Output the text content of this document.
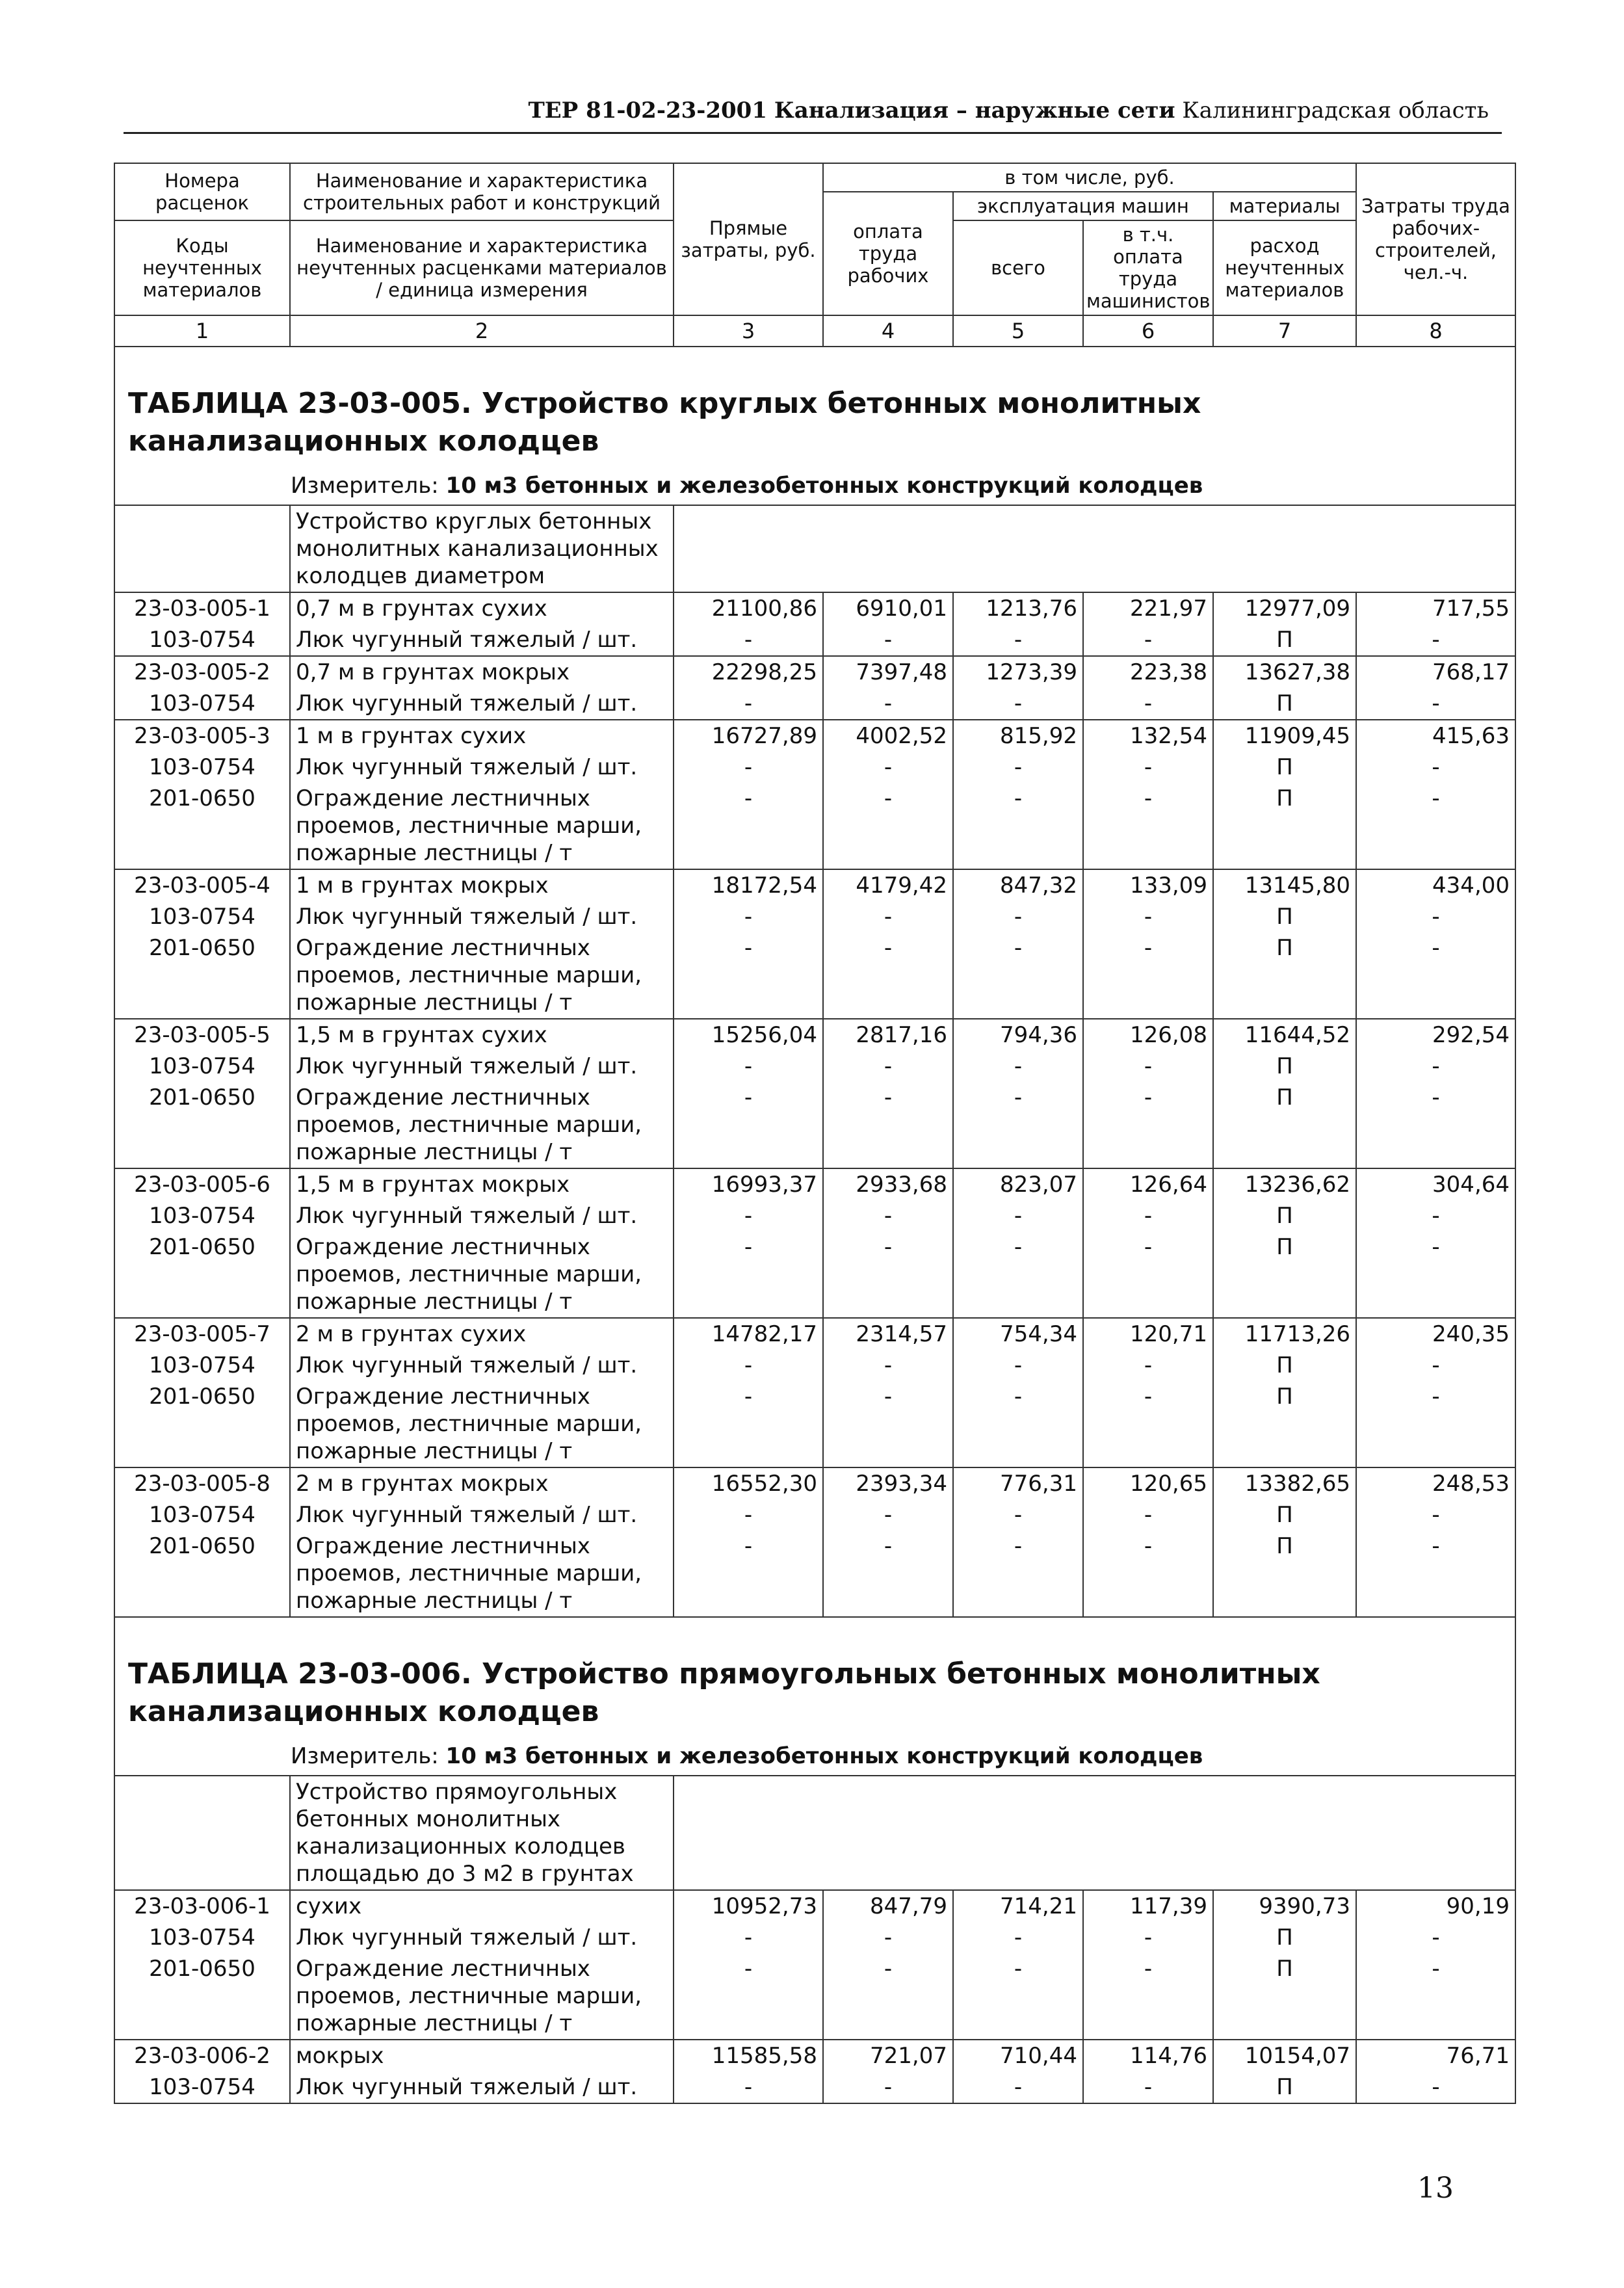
ТЕР 81-02-23-2001 Канализация – наружные сети Калининградская область
Номера расценок	Наименование и характеристика строительных работ и конструкций	Прямые затраты, руб.	в том числе, руб.				Затраты труда рабочих-строителей, чел.-ч.
			оплата труда рабочих	эксплуатация машин		материалы	
Коды неучтенных материалов	Наименование и характеристика неучтенных расценками материалов / единица измерения			всего	в т.ч. оплата труда машинистов	расход неучтенных материалов	

1	2	3	4	5	6	7	8
ТАБЛИЦА 23-03-005. Устройство круглых бетонных монолитных канализационных колодцев							
Измеритель: 10 м3 бетонных и железобетонных конструкций колодцев							
	Устройство круглых бетонных монолитных канализационных колодцев диаметром						
23-03-005-1	0,7 м в грунтах сухих	21100,86	6910,01	1213,76	221,97	12977,09	717,55
103-0754	Люк чугунный тяжелый / шт.	-	-	-	-	П	-
23-03-005-2	0,7 м в грунтах мокрых	22298,25	7397,48	1273,39	223,38	13627,38	768,17
103-0754	Люк чугунный тяжелый / шт.	-	-	-	-	П	-
23-03-005-3	1 м в грунтах сухих	16727,89	4002,52	815,92	132,54	11909,45	415,63
103-0754	Люк чугунный тяжелый / шт.	-	-	-	-	П	-
201-0650	Ограждение лестничных проемов, лестничные марши, пожарные лестницы / т	-	-	-	-	П	-
23-03-005-4	1 м в грунтах мокрых	18172,54	4179,42	847,32	133,09	13145,80	434,00
103-0754	Люк чугунный тяжелый / шт.	-	-	-	-	П	-
201-0650	Ограждение лестничных проемов, лестничные марши, пожарные лестницы / т	-	-	-	-	П	-
23-03-005-5	1,5 м в грунтах сухих	15256,04	2817,16	794,36	126,08	11644,52	292,54
103-0754	Люк чугунный тяжелый / шт.	-	-	-	-	П	-
201-0650	Ограждение лестничных проемов, лестничные марши, пожарные лестницы / т	-	-	-	-	П	-
23-03-005-6	1,5 м в грунтах мокрых	16993,37	2933,68	823,07	126,64	13236,62	304,64
103-0754	Люк чугунный тяжелый / шт.	-	-	-	-	П	-
201-0650	Ограждение лестничных проемов, лестничные марши, пожарные лестницы / т	-	-	-	-	П	-
23-03-005-7	2 м в грунтах сухих	14782,17	2314,57	754,34	120,71	11713,26	240,35
103-0754	Люк чугунный тяжелый / шт.	-	-	-	-	П	-
201-0650	Ограждение лестничных проемов, лестничные марши, пожарные лестницы / т	-	-	-	-	П	-
23-03-005-8	2 м в грунтах мокрых	16552,30	2393,34	776,31	120,65	13382,65	248,53
103-0754	Люк чугунный тяжелый / шт.	-	-	-	-	П	-
201-0650	Ограждение лестничных проемов, лестничные марши, пожарные лестницы / т	-	-	-	-	П	-
ТАБЛИЦА 23-03-006. Устройство прямоугольных бетонных монолитных канализационных колодцев							
Измеритель: 10 м3 бетонных и железобетонных конструкций колодцев							
	Устройство прямоугольных бетонных монолитных канализационных колодцев площадью до 3 м2 в грунтах						
23-03-006-1	сухих	10952,73	847,79	714,21	117,39	9390,73	90,19
103-0754	Люк чугунный тяжелый / шт.	-	-	-	-	П	-
201-0650	Ограждение лестничных проемов, лестничные марши, пожарные лестницы / т	-	-	-	-	П	-
23-03-006-2	мокрых	11585,58	721,07	710,44	114,76	10154,07	76,71
103-0754	Люк чугунный тяжелый / шт.	-	-	-	-	П	-
13
